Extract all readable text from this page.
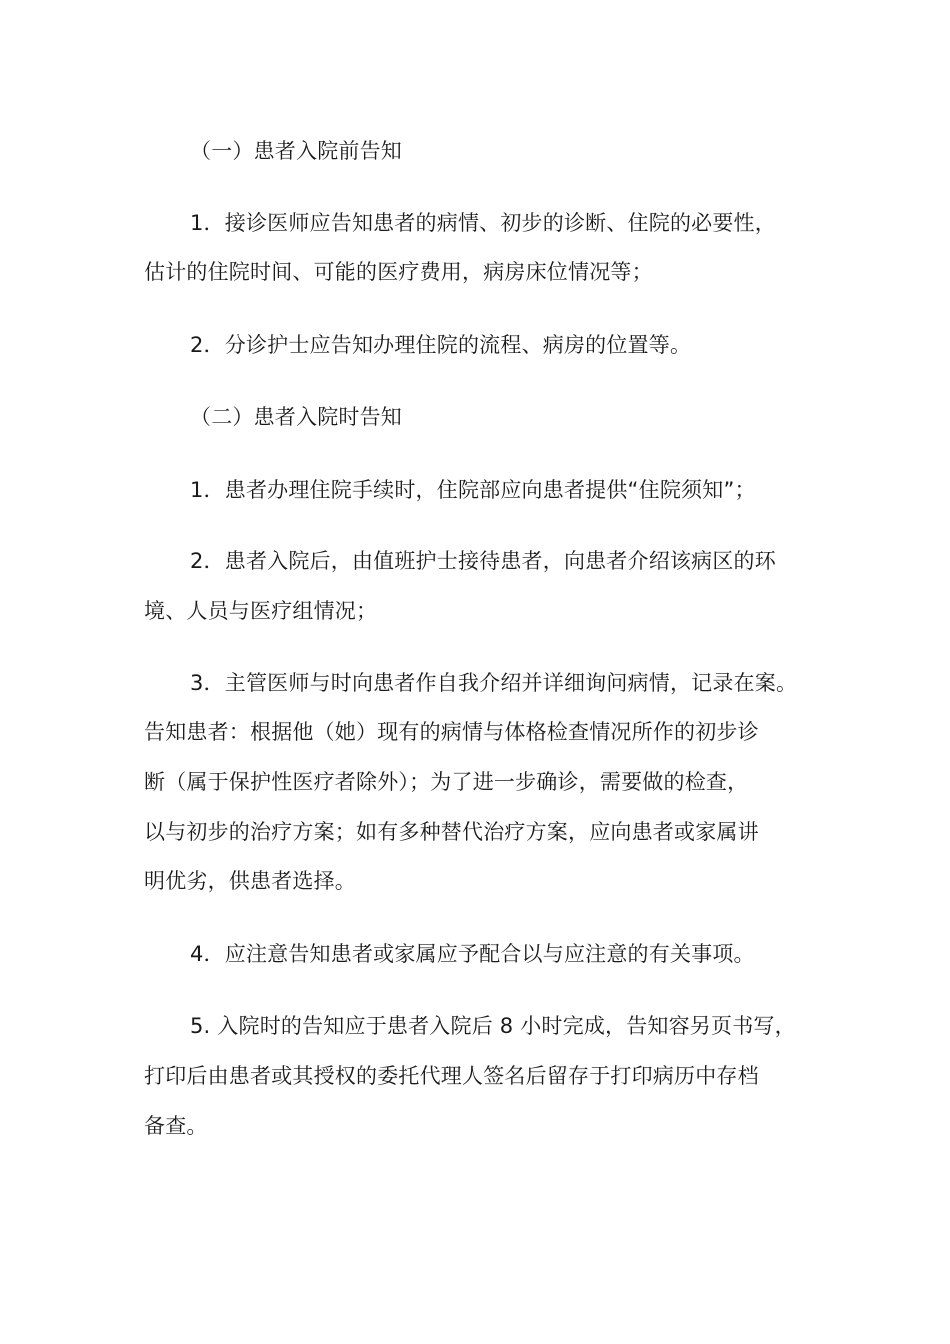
（一）患者入院前告知
1．接诊医师应告知患者的病情、初步的诊断、住院的必要性，
估计的住院时间、可能的医疗费用，病房床位情况等；
2．分诊护士应告知办理住院的流程、病房的位置等。
（二）患者入院时告知
1．患者办理住院手续时，住院部应向患者提供“住院须知”；
2．患者入院后，由值班护士接待患者，向患者介绍该病区的环
境、人员与医疗组情况；
3．主管医师与时向患者作自我介绍并详细询问病情，记录在案。
告知患者：根据他（她）现有的病情与体格检查情况所作的初步诊
断（属于保护性医疗者除外）；为了进一步确诊，需要做的检查，
以与初步的治疗方案；如有多种替代治疗方案，应向患者或家属讲
明优劣，供患者选择。
4．应注意告知患者或家属应予配合以与应注意的有关事项。
5. 入院时的告知应于患者入院后 8 小时完成，告知容另页书写，
打印后由患者或其授权的委托代理人签名后留存于打印病历中存档
备查。
